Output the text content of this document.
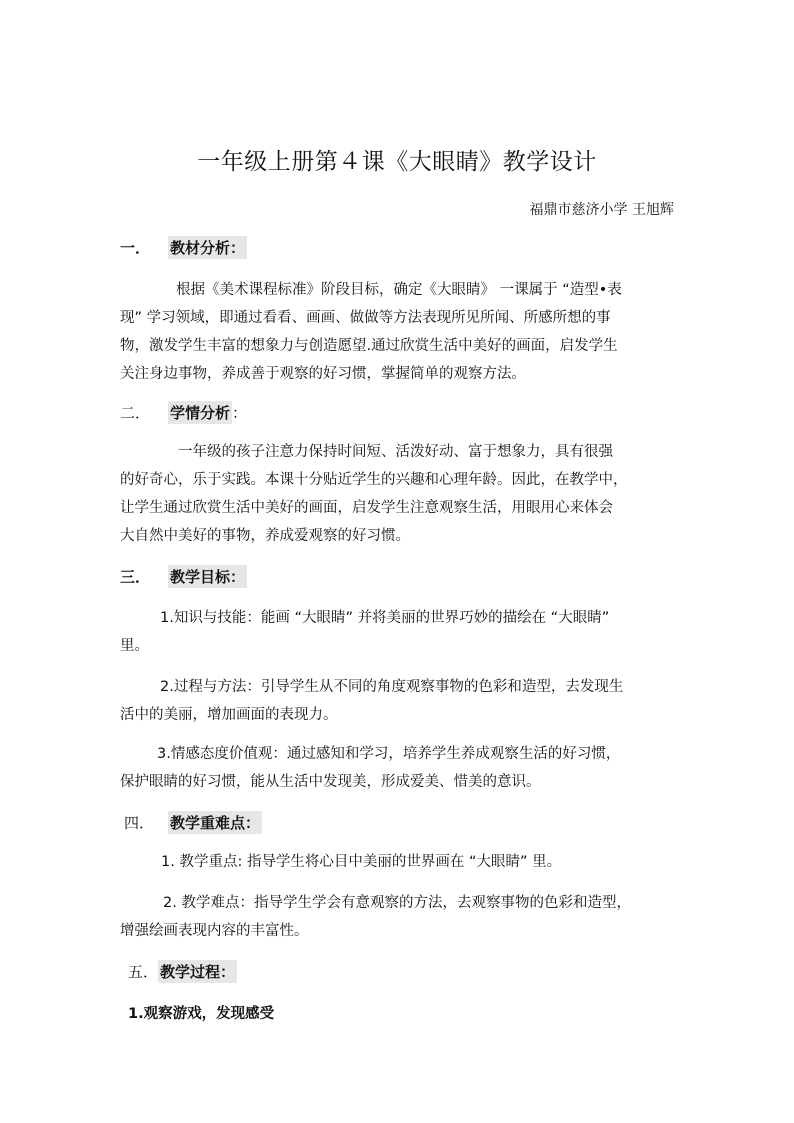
一年级上册第４课《大眼睛》教学设计
福鼎市慈济小学 王旭辉
一．	教材分析：

根据《美术课程标准》阶段目标，确定《大眼睛》 一课属于 “造型•表
现” 学习领域，即通过看看、画画、做做等方法表现所见所闻、所感所想的事
物，激发学生丰富的想象力与创造愿望.通过欣赏生活中美好的画面，启发学生
关注身边事物，养成善于观察的好习惯，掌握简单的观察方法。

二．	学情分析 ：

一年级的孩子注意力保持时间短、活泼好动、富于想象力，具有很强
的好奇心，乐于实践。本课十分贴近学生的兴趣和心理年龄。因此，在教学中，
让学生通过欣赏生活中美好的画面，启发学生注意观察生活，用眼用心来体会
大自然中美好的事物，养成爱观察的好习惯。

三．	教学目标：

1.知识与技能：能画 “大眼睛” 并将美丽的世界巧妙的描绘在 “大眼睛”
里。

2.过程与方法：引导学生从不同的角度观察事物的色彩和造型，去发现生
活中的美丽，增加画面的表现力。

3.情感态度价值观：通过感知和学习，培养学生养成观察生活的好习惯，
保护眼睛的好习惯，能从生活中发现美，形成爱美、惜美的意识。

四．	教学重难点：

1. 教学重点: 指导学生将心目中美丽的世界画在 “大眼睛” 里。

2. 教学难点：指导学生学会有意观察的方法，去观察事物的色彩和造型，
增强绘画表现内容的丰富性。

五． 教学过程：
1.观察游戏，发现感受
